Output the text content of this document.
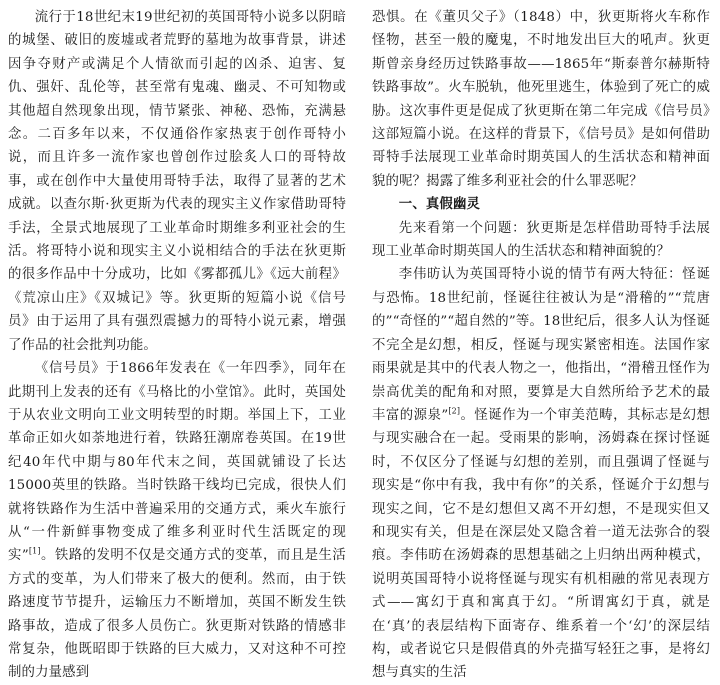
流行于18世纪末19世纪初的英国哥特小说多以阴暗的城堡、破旧的废墟或者荒野的墓地为故事背景，讲述因争夺财产或满足个人情欲而引起的凶杀、迫害、复仇、强奸、乱伦等，甚至常有鬼魂、幽灵、不可知物或其他超自然现象出现，情节紧张、神秘、恐怖，充满悬念。二百多年以来，不仅通俗作家热衷于创作哥特小说，而且许多一流作家也曾创作过脍炙人口的哥特故事，或在创作中大量使用哥特手法，取得了显著的艺术成就。以查尔斯·狄更斯为代表的现实主义作家借助哥特手法，全景式地展现了工业革命时期维多利亚社会的生活。将哥特小说和现实主义小说相结合的手法在狄更斯的很多作品中十分成功，比如《雾都孤儿》《远大前程》《荒凉山庄》《双城记》等。狄更斯的短篇小说《信号员》由于运用了具有强烈震撼力的哥特小说元素，增强了作品的社会批判功能。

《信号员》于1866年发表在《一年四季》，同年在此期刊上发表的还有《马格比的小堂馆》。此时，英国处于从农业文明向工业文明转型的时期。举国上下，工业革命正如火如荼地进行着，铁路狂潮席卷英国。在19世纪40年代中期与80年代末之间，英国就铺设了长达15000英里的铁路。当时铁路干线均已完成，很快人们就将铁路作为生活中普遍采用的交通方式，乘火车旅行从“一件新鲜事物变成了维多利亚时代生活既定的现实”[1]。铁路的发明不仅是交通方式的变革，而且是生活方式的变革，为人们带来了极大的便利。然而，由于铁路速度节节提升，运输压力不断增加，英国不断发生铁路事故，造成了很多人员伤亡。狄更斯对铁路的情感非常复杂，他既昭即于铁路的巨大威力，又对这种不可控制的力量感到

恐惧。在《董贝父子》（1848）中，狄更斯将火车称作怪物，甚至一般的魔鬼，不时地发出巨大的吼声。狄更斯曾亲身经历过铁路事故——1865年“斯泰普尔赫斯特铁路事故”。火车脱轨，他死里逃生，体验到了死亡的威胁。这次事件更是促成了狄更斯在第二年完成《信号员》这部短篇小说。在这样的背景下，《信号员》是如何借助哥特手法展现工业革命时期英国人的生活状态和精神面貌的呢？揭露了维多利亚社会的什么罪恶呢？

一、真假幽灵

先来看第一个问题：狄更斯是怎样借助哥特手法展现工业革命时期英国人的生活状态和精神面貌的？

李伟昉认为英国哥特小说的情节有两大特征：怪诞与恐怖。18世纪前，怪诞往往被认为是“滑稽的”“荒唐的”“奇怪的”“超自然的”等。18世纪后，很多人认为怪诞不完全是幻想，相反，怪诞与现实紧密相连。法国作家雨果就是其中的代表人物之一，他指出，“滑稽丑怪作为崇高优美的配角和对照，要算是大自然所给予艺术的最丰富的源泉”[2]。怪诞作为一个审美范畴，其标志是幻想与现实融合在一起。受雨果的影响，汤姆森在探讨怪诞时，不仅区分了怪诞与幻想的差别，而且强调了怪诞与现实是“你中有我，我中有你”的关系，怪诞介于幻想与现实之间，它不是幻想但又离不开幻想，不是现实但又和现实有关，但是在深层处又隐含着一道无法弥合的裂痕。李伟昉在汤姆森的思想基础之上归纳出两种模式，说明英国哥特小说将怪诞与现实有机相融的常见表现方式——寓幻于真和寓真于幻。“所谓寓幻于真，就是在‘真’的表层结构下面寄存、维系着一个‘幻’的深层结构，或者说它只是假借真的外壳描写轻狂之事，是将幻想与真实的生活
